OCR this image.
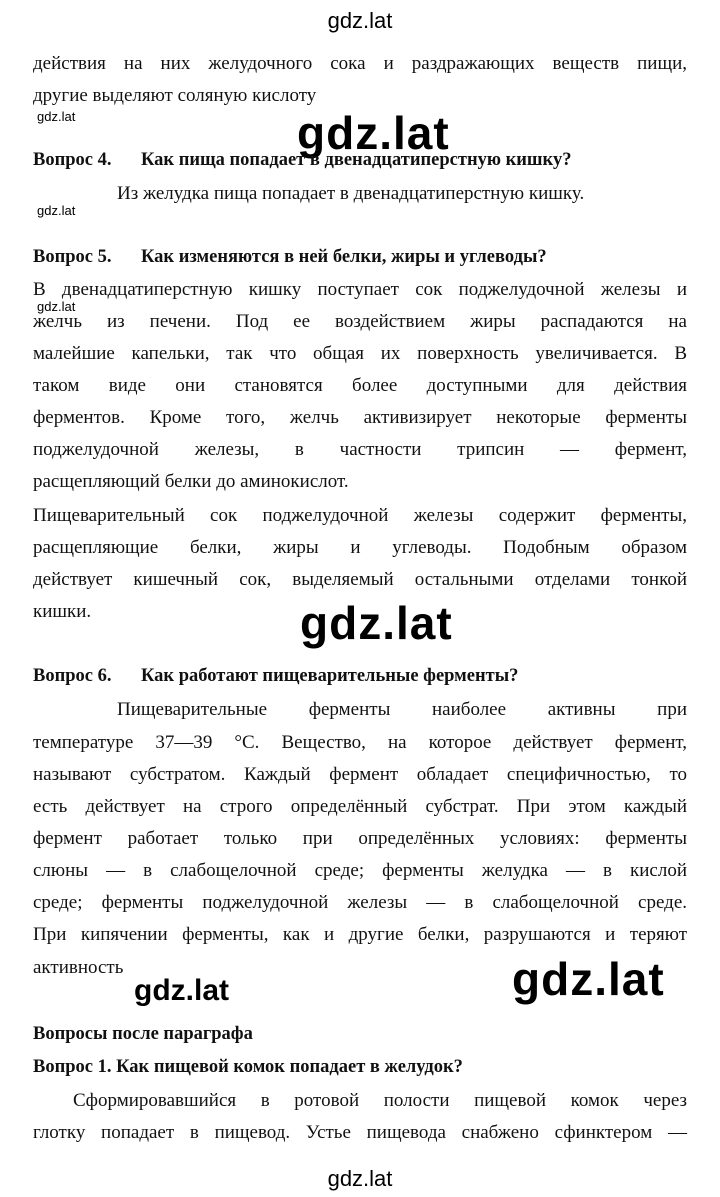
gdz.lat
gdz.lat	gdz.lat
gdz.lat
gdz.lat
gdz.lat
gdz.lat
gdz.lat
gdz.lat
действия на них желудочного сока и раздражающих веществ пищи,
другие выделяют соляную кислоту
Вопрос 4. Как пища попадает в двенадцатиперстную кишку?
Из желудка пища попадает в двенадцатиперстную кишку.
Вопрос 5. Как изменяются в ней белки, жиры и углеводы?
В двенадцатиперстную кишку поступает сок поджелудочной железы и
желчь из печени. Под ее воздействием жиры распадаются на
малейшие капельки, так что общая их поверхность увеличивается. В
таком виде они становятся более доступными для действия
ферментов. Кроме того, желчь активизирует некоторые ферменты
поджелудочной железы, в частности трипсин — фермент,
расщепляющий белки до аминокислот.
Пищеварительный сок поджелудочной железы содержит ферменты,
расщепляющие белки, жиры и углеводы. Подобным образом
действует кишечный сок, выделяемый остальными отделами тонкой
кишки.
Вопрос 6. Как работают пищеварительные ферменты?
Пищеварительные ферменты наиболее активны при
температуре 37—39 °С. Вещество, на которое действует фермент,
называют субстратом. Каждый фермент обладает специфичностью, то
есть действует на строго определённый субстрат. При этом каждый
фермент работает только при определённых условиях: ферменты
слюны — в слабощелочной среде; ферменты желудка — в кислой
среде; ферменты поджелудочной железы — в слабощелочной среде.
При кипячении ферменты, как и другие белки, разрушаются и теряют
активность
Вопросы после параграфа
Вопрос 1. Как пищевой комок попадает в желудок?
Сформировавшийся в ротовой полости пищевой комок через
глотку попадает в пищевод. Устье пищевода снабжено сфинктером —
